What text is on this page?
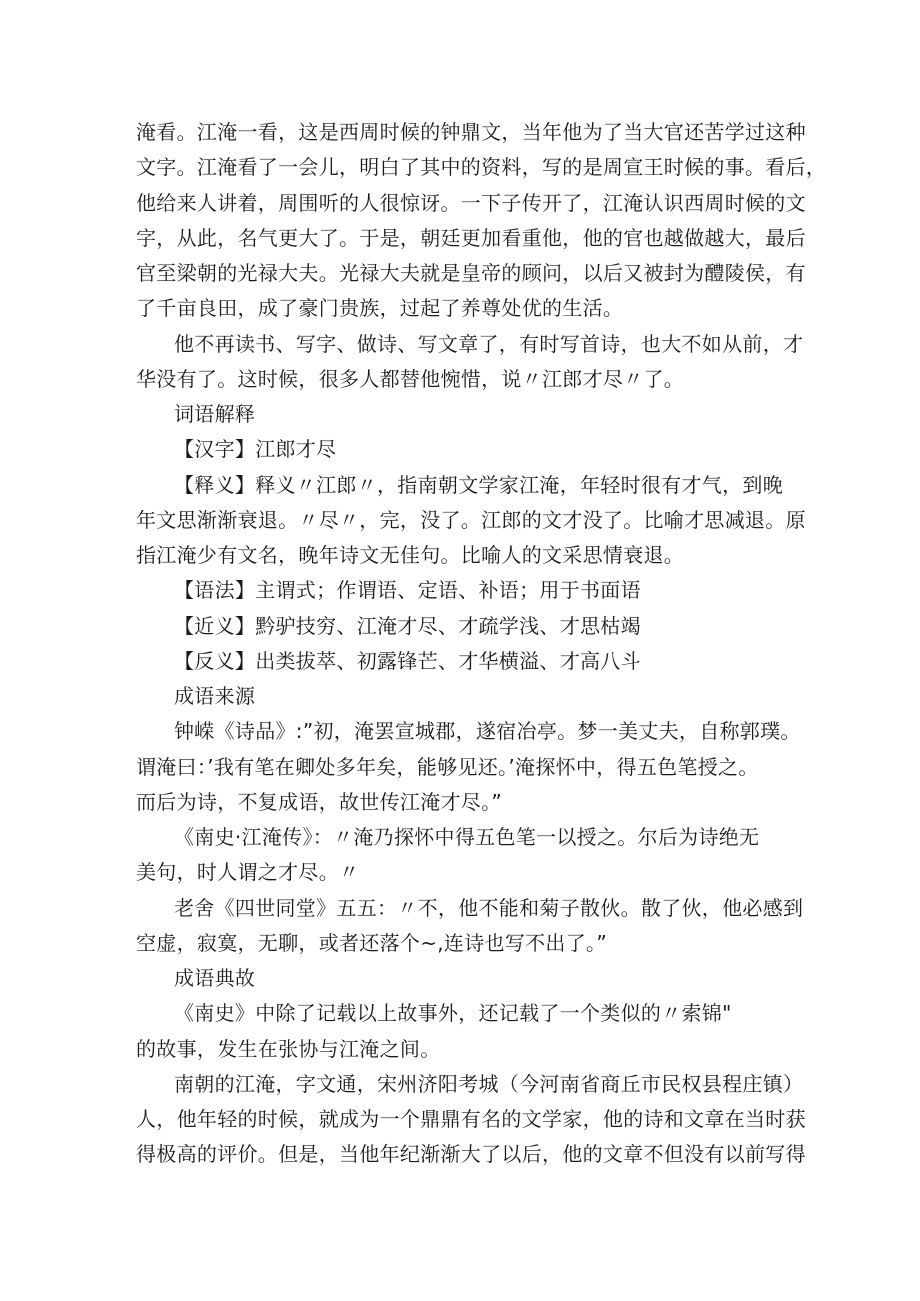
淹看。江淹一看，这是西周时候的钟鼎文，当年他为了当大官还苦学过这种
文字。江淹看了一会儿，明白了其中的资料，写的是周宣王时候的事。看后，
他给来人讲着，周围听的人很惊讶。一下子传开了，江淹认识西周时候的文
字，从此，名气更大了。于是，朝廷更加看重他，他的官也越做越大，最后
官至梁朝的光禄大夫。光禄大夫就是皇帝的顾问，以后又被封为醴陵侯，有
了千亩良田，成了豪门贵族，过起了养尊处优的生活。
他不再读书、写字、做诗、写文章了，有时写首诗，也大不如从前，才
华没有了。这时候，很多人都替他惋惜，说〃江郎才尽〃了。
词语解释
【汉字】江郎才尽
【释义】释义〃江郎〃，指南朝文学家江淹，年轻时很有才气，到晚
年文思渐渐衰退。〃尽〃，完，没了。江郎的文才没了。比喻才思减退。原
指江淹少有文名，晚年诗文无佳句。比喻人的文采思情衰退。
【语法】主谓式；作谓语、定语、补语；用于书面语
【近义】黔驴技穷、江淹才尽、才疏学浅、才思枯竭
【反义】出类拔萃、初露锋芒、才华横溢、才高八斗
成语来源
钟嵘《诗品》:”初，淹罢宣城郡，遂宿冶亭。梦一美丈夫，自称郭璞。
谓淹曰：’我有笔在卿处多年矣，能够见还。’淹探怀中，得五色笔授之。
而后为诗，不复成语，故世传江淹才尽。”
《南史·江淹传》：〃淹乃探怀中得五色笔一以授之。尔后为诗绝无
美句，时人谓之才尽。〃
老舍《四世同堂》五五：〃不，他不能和菊子散伙。散了伙，他必感到
空虚，寂寞，无聊，或者还落个~,连诗也写不出了。”
成语典故
《南史》中除了记载以上故事外，还记载了一个类似的〃索锦"
的故事，发生在张协与江淹之间。
南朝的江淹，字文通，宋州济阳考城（今河南省商丘市民权县程庄镇）
人，他年轻的时候，就成为一个鼎鼎有名的文学家，他的诗和文章在当时获
得极高的评价。但是，当他年纪渐渐大了以后，他的文章不但没有以前写得
